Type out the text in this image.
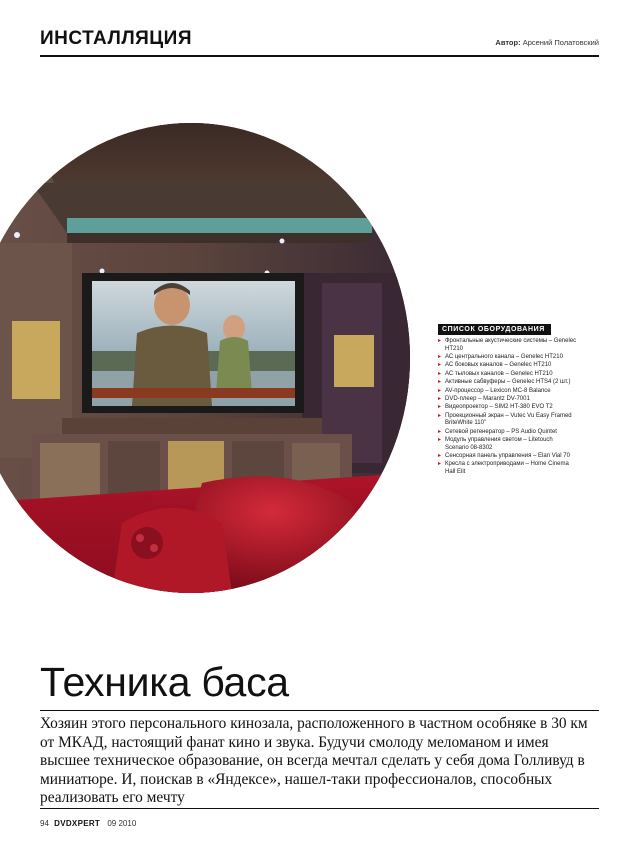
ИНСТАЛЛЯЦИЯ	Автор: Арсений Полатовский
СПИСОК ОБОРУДОВАНИЯ
▸ Фронтальные акустические системы – Genelec HT210
▸ АС центрального канала – Genelec HT210
▸ АС боковых каналов – Genelec HT210
▸ АС тыловых каналов – Genelec HT210
▸ Активные сабвуферы – Genelec HTS4 (2 шт.)
▸ AV-процессор – Lexicon MC-8 Balance
▸ DVD-плеер – Marantz DV-7001
▸ Видеопроектор – SIM2 HT-380 EVO T2
▸ Проекционный экран – Vutec Vu Easy Framed BriteWhite 110"
▸ Сетевой регенератор – PS Audio Quintet
▸ Модуль управления светом – Litetouch Scenario 08-8302
▸ Сенсорная панель управления – Elan Vial 70
▸ Кресла с электроприводами – Home Cinema Hall Elit
Техника баса

Хозяин этого персонального кинозала, расположенного в частном особняке в 30 км от МКАД, настоящий фанат кино и звука. Будучи смолоду меломаном и имея высшее техническое образование, он всегда мечтал сделать у себя дома Голливуд в миниатюре. И, поискав в «Яндексе», нашел-таки профессионалов, способных реализовать его мечту

94 DVDXPERT 09 2010
